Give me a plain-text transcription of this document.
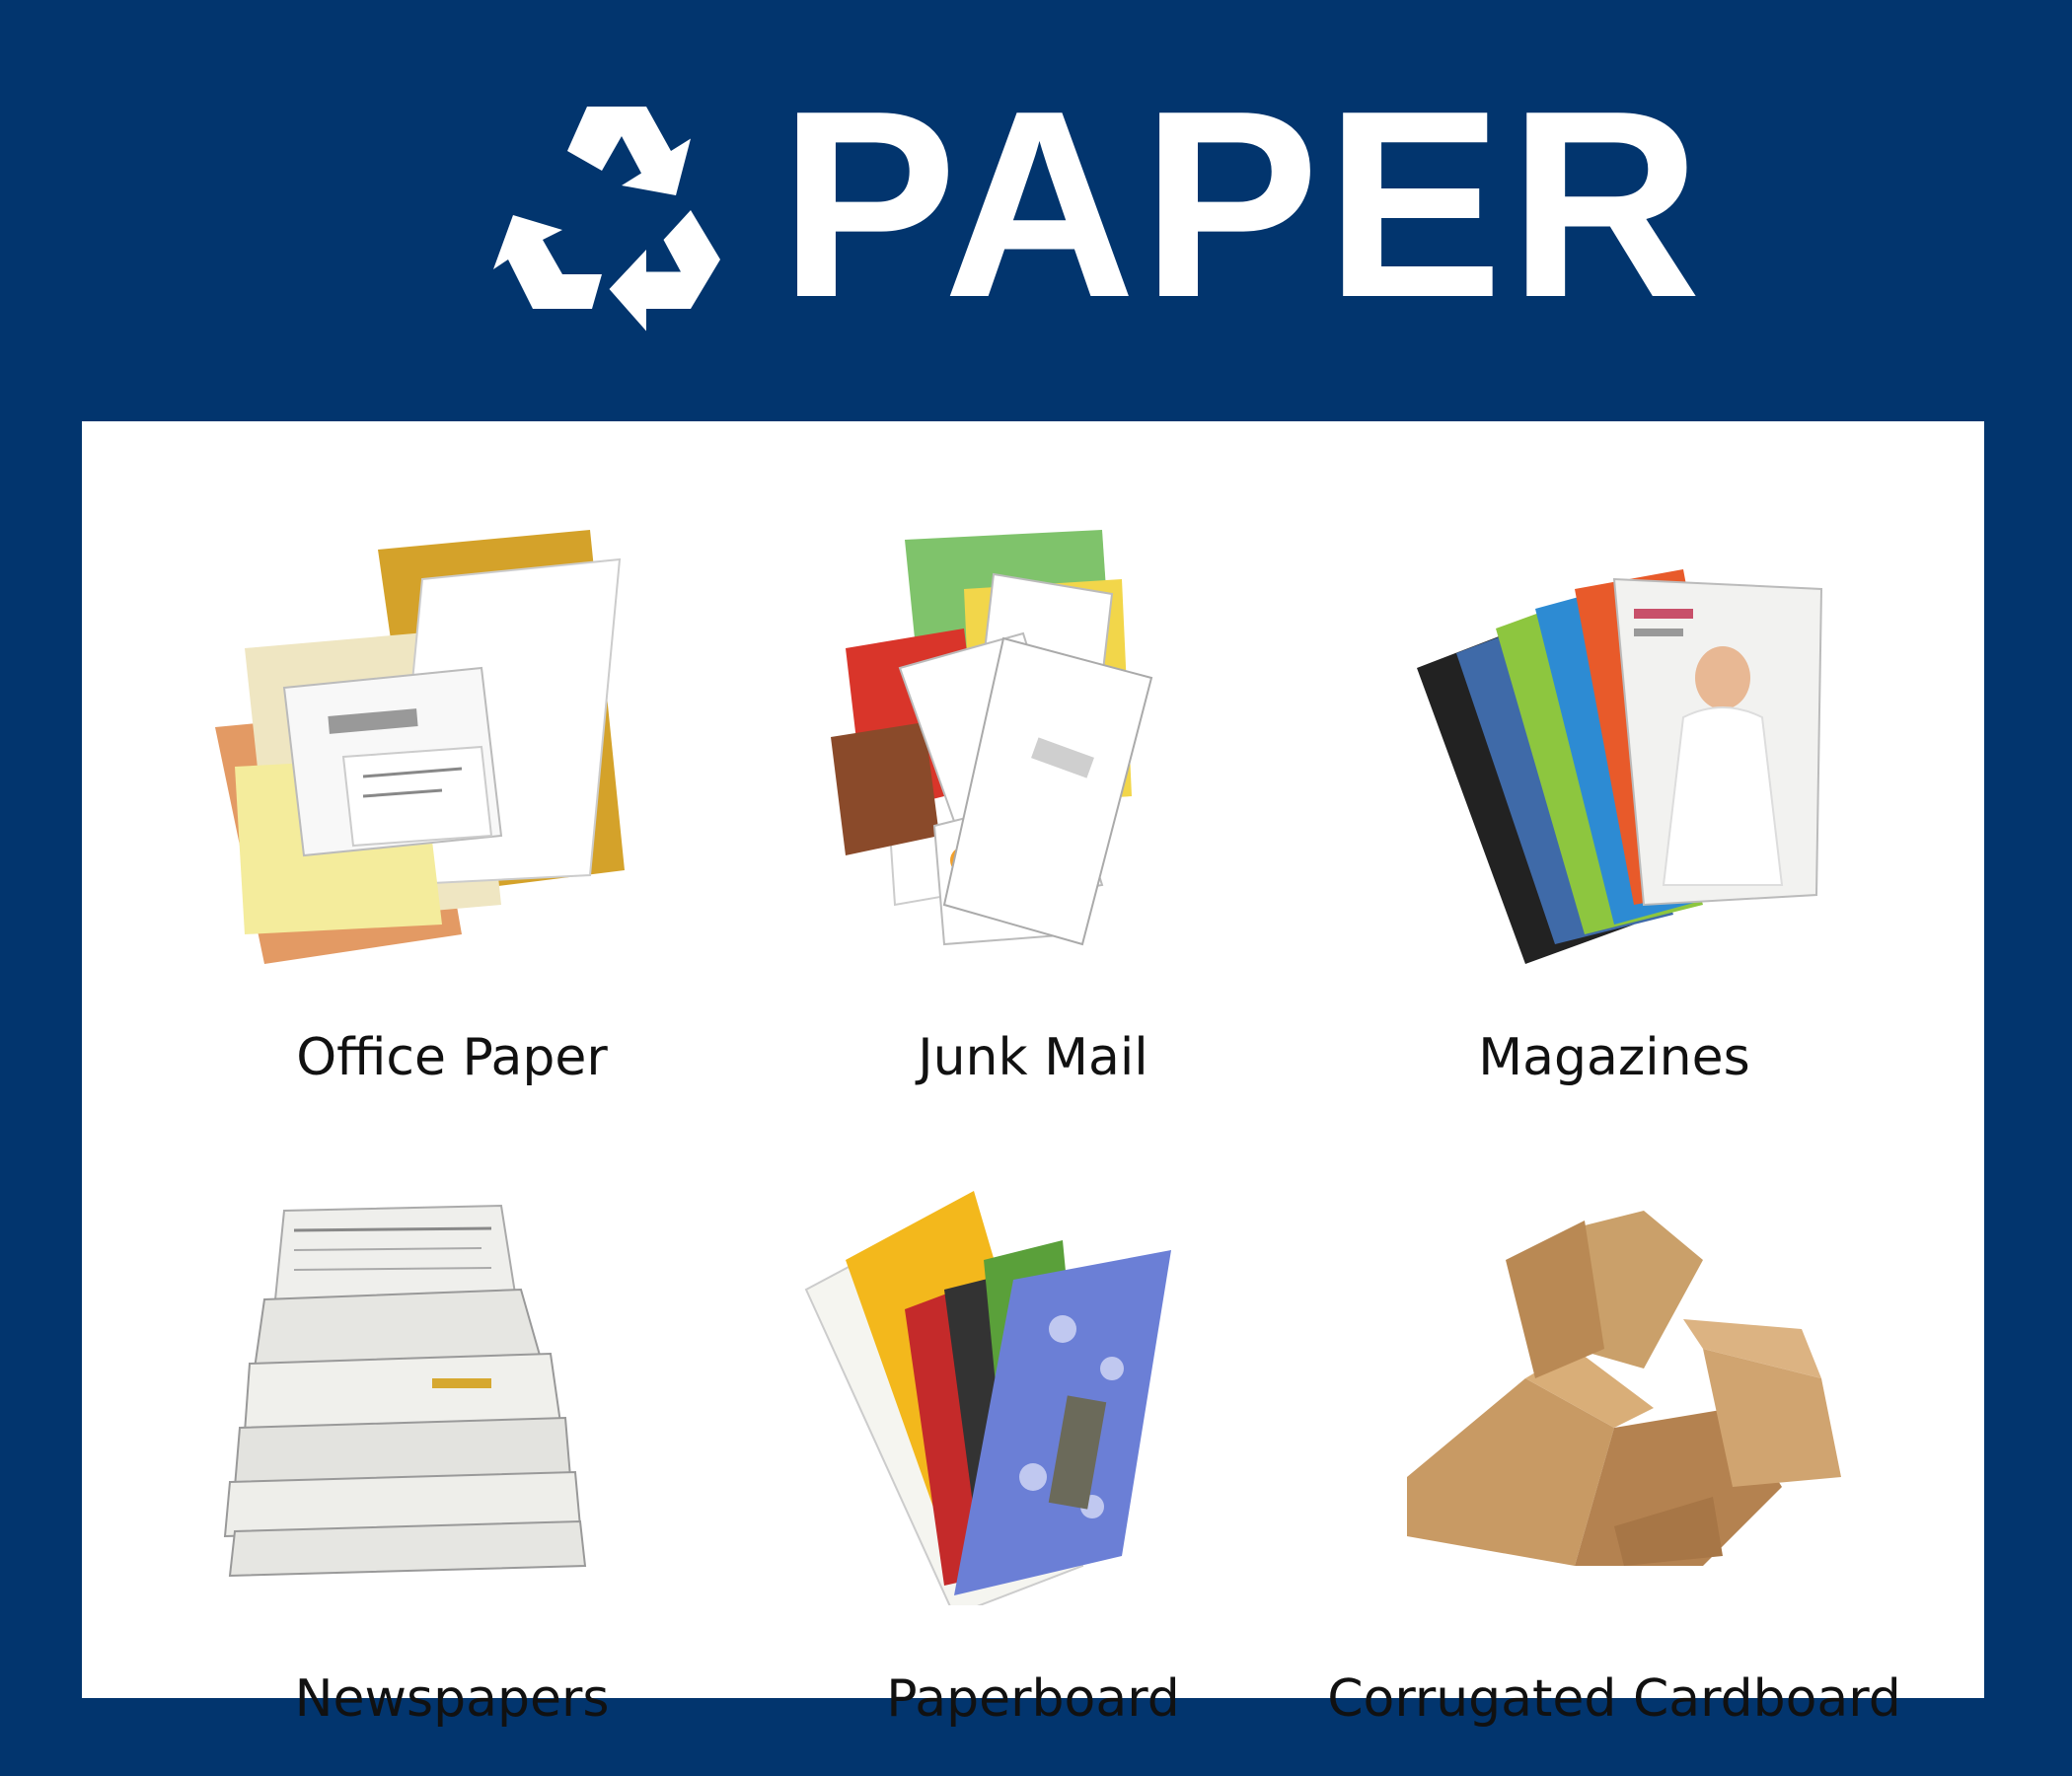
PAPER
Office Paper	Junk Mail	Magazines
Newspapers	Paperboard	Corrugated Cardboard
